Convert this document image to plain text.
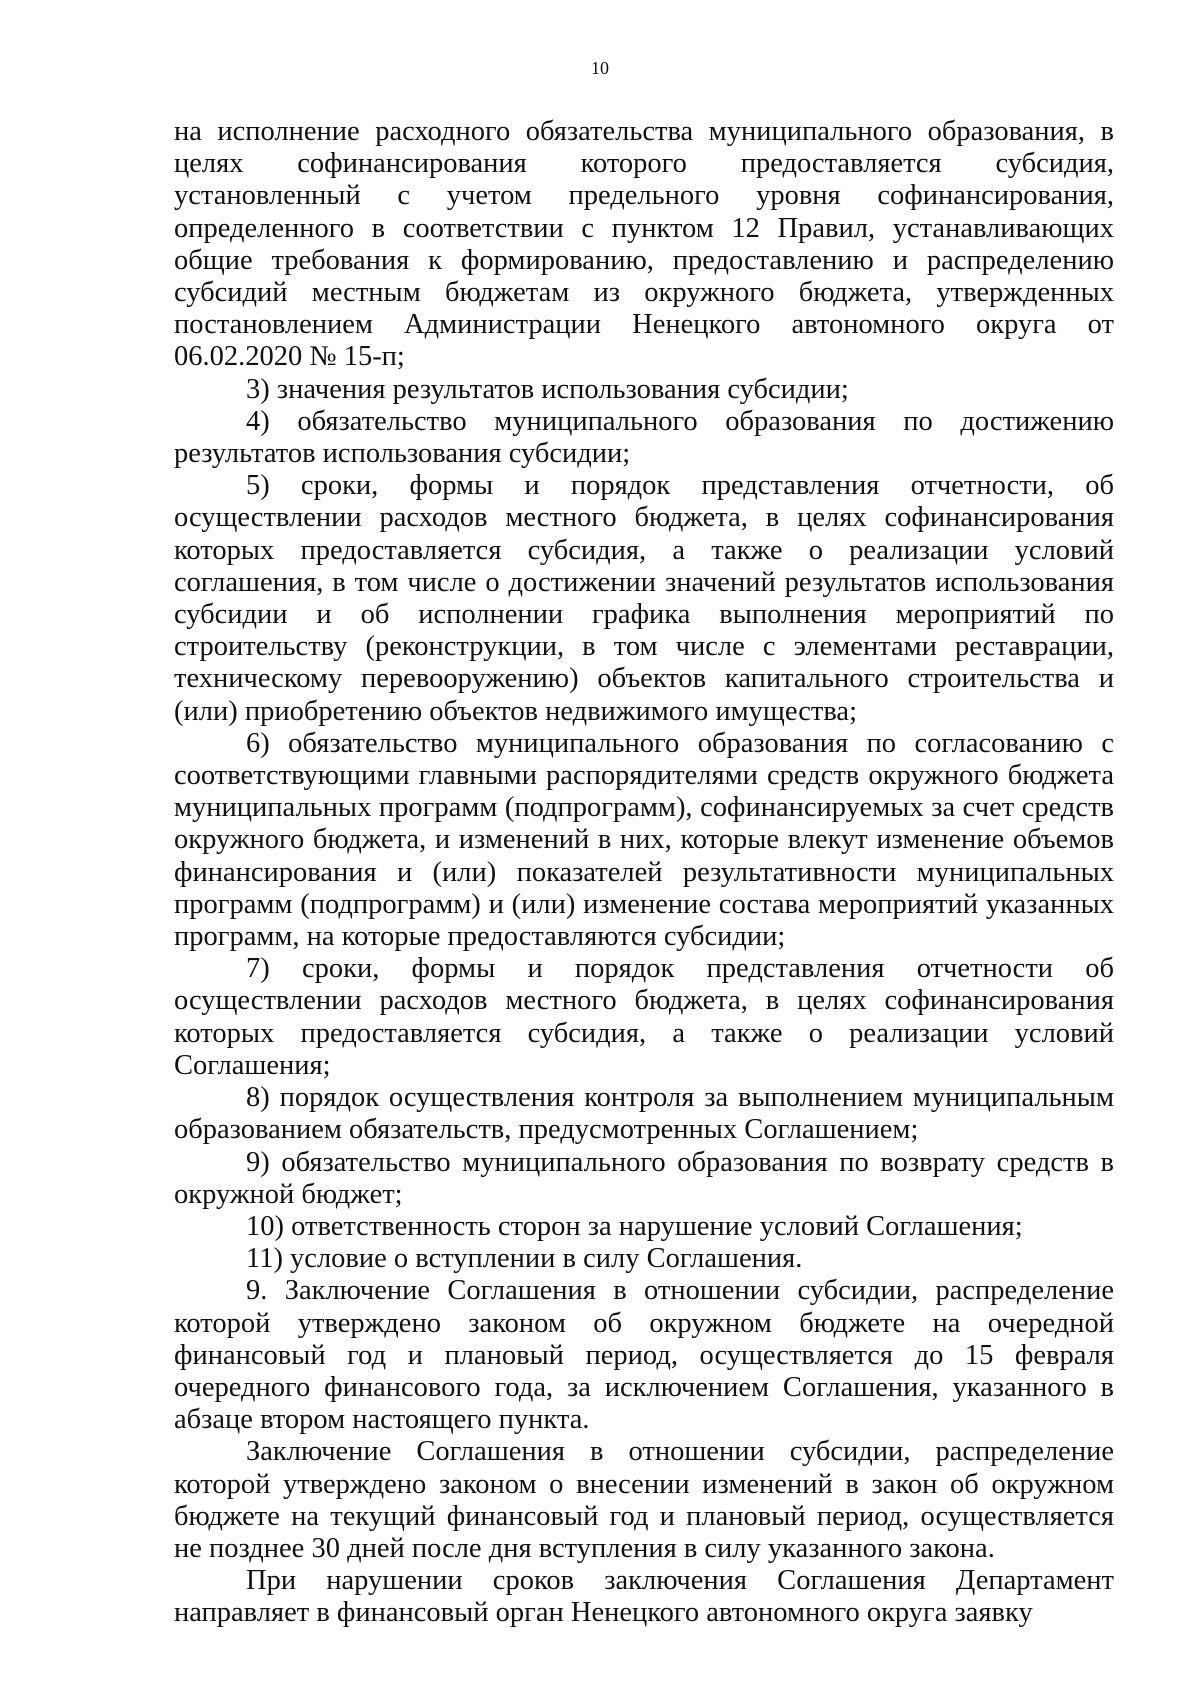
10

на исполнение расходного обязательства муниципального образования, в целях софинансирования которого предоставляется субсидия, установленный с учетом предельного уровня софинансирования, определенного в соответствии с пунктом 12 Правил, устанавливающих общие требования к формированию, предоставлению и распределению субсидий местным бюджетам из окружного бюджета, утвержденных постановлением Администрации Ненецкого автономного округа от 06.02.2020 № 15-п;

3) значения результатов использования субсидии;

4) обязательство муниципального образования по достижению результатов использования субсидии;

5) сроки, формы и порядок представления отчетности, об осуществлении расходов местного бюджета, в целях софинансирования которых предоставляется субсидия, а также о реализации условий соглашения, в том числе о достижении значений результатов использования субсидии и об исполнении графика выполнения мероприятий по строительству (реконструкции, в том числе с элементами реставрации, техническому перевооружению) объектов капитального строительства и (или) приобретению объектов недвижимого имущества;

6) обязательство муниципального образования по согласованию с соответствующими главными распорядителями средств окружного бюджета муниципальных программ (подпрограмм), софинансируемых за счет средств окружного бюджета, и изменений в них, которые влекут изменение объемов финансирования и (или) показателей результативности муниципальных программ (подпрограмм) и (или) изменение состава мероприятий указанных программ, на которые предоставляются субсидии;

7) сроки, формы и порядок представления отчетности об осуществлении расходов местного бюджета, в целях софинансирования которых предоставляется субсидия, а также о реализации условий Соглашения;

8) порядок осуществления контроля за выполнением муниципальным образованием обязательств, предусмотренных Соглашением;

9) обязательство муниципального образования по возврату средств в окружной бюджет;

10) ответственность сторон за нарушение условий Соглашения;

11) условие о вступлении в силу Соглашения.

9. Заключение Соглашения в отношении субсидии, распределение которой утверждено законом об окружном бюджете на очередной финансовый год и плановый период, осуществляется до 15 февраля очередного финансового года, за исключением Соглашения, указанного в абзаце втором настоящего пункта.

Заключение Соглашения в отношении субсидии, распределение которой утверждено законом о внесении изменений в закон об окружном бюджете на текущий финансовый год и плановый период, осуществляется не позднее 30 дней после дня вступления в силу указанного закона.

При нарушении сроков заключения Соглашения Департамент направляет в финансовый орган Ненецкого автономного округа заявку
